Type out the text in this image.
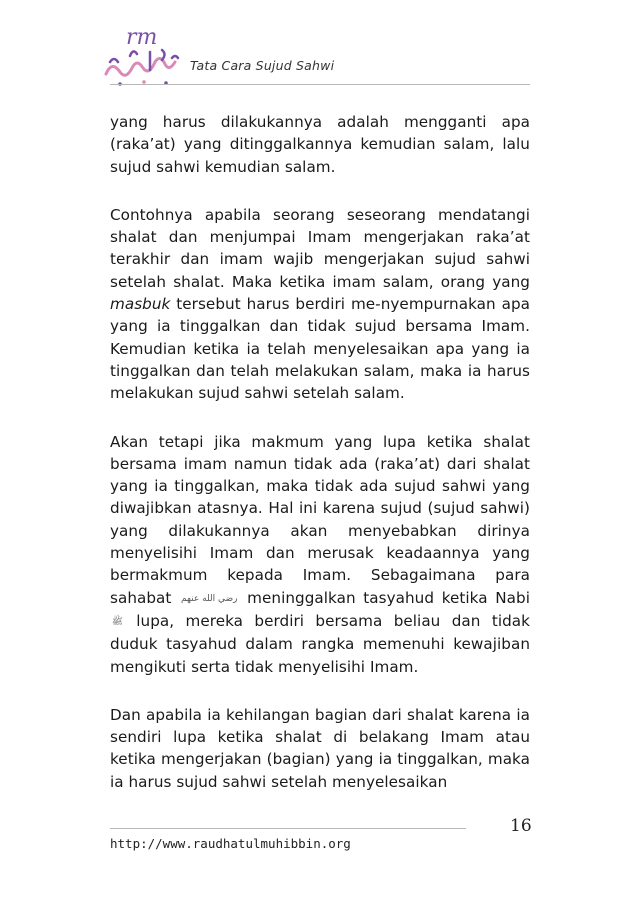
rm
Tata Cara Sujud Sahwi

yang harus dilakukannya adalah mengganti apa (raka’at) yang ditinggalkannya kemudian salam, lalu sujud sahwi kemudian salam.

Contohnya apabila seorang seseorang mendatangi shalat dan menjumpai Imam mengerjakan raka’at terakhir dan imam wajib mengerjakan sujud sahwi setelah shalat. Maka ketika imam salam, orang yang masbuk tersebut harus berdiri me-nyempurnakan apa yang ia tinggalkan dan tidak sujud bersama Imam. Kemudian ketika ia telah menyelesaikan apa yang ia tinggalkan dan telah melakukan salam, maka ia harus melakukan sujud sahwi setelah salam.

Akan tetapi jika makmum yang lupa ketika shalat bersama imam namun tidak ada (raka’at) dari shalat yang ia tinggalkan, maka tidak ada sujud sahwi yang diwajibkan atasnya. Hal ini karena sujud (sujud sahwi) yang dilakukannya akan menyebabkan dirinya menyelisihi Imam dan merusak keadaannya yang bermakmum kepada Imam. Sebagaimana para sahabat رضي الله عنهم meninggalkan tasyahud ketika Nabi ﷺ lupa, mereka berdiri bersama beliau dan tidak duduk tasyahud dalam rangka memenuhi kewajiban mengikuti serta tidak menyelisihi Imam.

Dan apabila ia kehilangan bagian dari shalat karena ia sendiri lupa ketika shalat di belakang Imam atau ketika mengerjakan (bagian) yang ia tinggalkan, maka ia harus sujud sahwi setelah menyelesaikan

16
http://www.raudhatulmuhibbin.org
